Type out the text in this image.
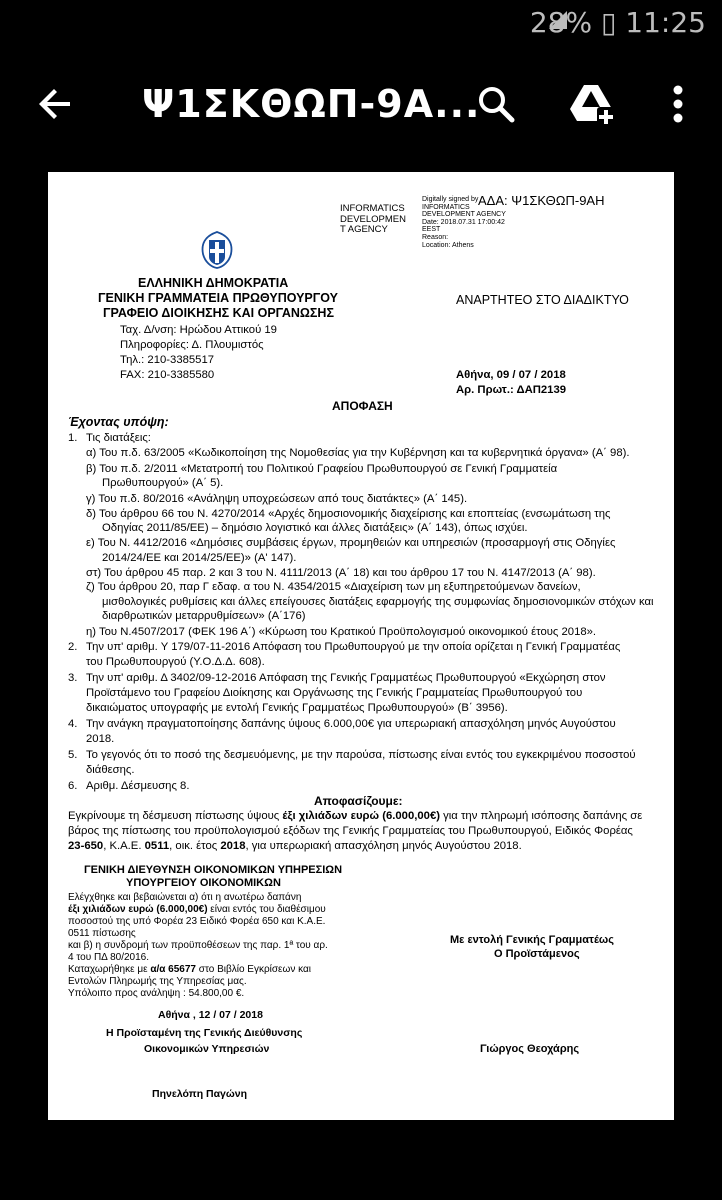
28% ▯ 11:25
Ψ1ΣΚΘΩΠ-9Α...
ΑΔΑ: Ψ1ΣΚΘΩΠ-9ΑΗ
INFORMATICS
DEVELOPMEN
T AGENCY
Digitally signed by
INFORMATICS
DEVELOPMENT AGENCY
Date: 2018.07.31 17:00:42
EEST
Reason:
Location: Athens
ΕΛΛΗΝΙΚΗ ΔΗΜΟΚΡΑΤΙΑ
ΓΕΝΙΚΗ ΓΡΑΜΜΑΤΕΙΑ ΠΡΩΘΥΠΟΥΡΓΟΥ
ΓΡΑΦΕΙΟ ΔΙΟΙΚΗΣΗΣ ΚΑΙ ΟΡΓΑΝΩΣΗΣ
ΑΝΑΡΤΗΤΕΟ ΣΤΟ ΔΙΑΔΙΚΤΥΟ
Ταχ. Δ/νση: Ηρώδου Αττικού 19
Πληροφορίες: Δ. Πλουμιστός
Τηλ.: 210-3385517
FAX: 210-3385580	Αθήνα, 09 / 07 / 2018
Αρ. Πρωτ.: ΔΑΠ2139
ΑΠΟΦΑΣΗ
Έχοντας υπόψη:
1. Τις διατάξεις:
α) Του π.δ. 63/2005 «Κωδικοποίηση της Νομοθεσίας για την Κυβέρνηση και τα κυβερνητικά όργανα» (Α΄ 98).
β) Του π.δ. 2/2011 «Μετατροπή του Πολιτικού Γραφείου Πρωθυπουργού σε Γενική Γραμματεία
Πρωθυπουργού» (Α΄ 5).
γ) Του π.δ. 80/2016 «Ανάληψη υποχρεώσεων από τους διατάκτες» (Α΄ 145).
δ) Του άρθρου 66 του Ν. 4270/2014 «Αρχές δημοσιονομικής διαχείρισης και εποπτείας (ενσωμάτωση της
Οδηγίας 2011/85/ΕΕ) – δημόσιο λογιστικό και άλλες διατάξεις» (Α΄ 143), όπως ισχύει.
ε) Του Ν. 4412/2016 «Δημόσιες συμβάσεις έργων, προμηθειών και υπηρεσιών (προσαρμογή στις Οδηγίες
2014/24/ΕΕ και 2014/25/ΕΕ)» (Α' 147).
στ) Του άρθρου 45 παρ. 2 και 3 του Ν. 4111/2013 (Α΄ 18) και του άρθρου 17 του Ν. 4147/2013 (Α΄ 98).
ζ) Του άρθρου 20, παρ Γ εδαφ. α του Ν. 4354/2015 «Διαχείριση των μη εξυπηρετούμενων δανείων,
μισθολογικές ρυθμίσεις και άλλες επείγουσες διατάξεις εφαρμογής της συμφωνίας δημοσιονομικών στόχων και
διαρθρωτικών μεταρρυθμίσεων» (Α΄176)
η) Του Ν.4507/2017 (ΦΕΚ 196 Α΄) «Κύρωση του Κρατικού Προϋπολογισμού οικονομικού έτους 2018».
2. Την υπ' αριθμ. Υ 179/07-11-2016 Απόφαση του Πρωθυπουργού με την οποία ορίζεται η Γενική Γραμματέας
του Πρωθυπουργού (Υ.Ο.Δ.Δ. 608).
3. Την υπ' αριθμ. Δ 3402/09-12-2016 Απόφαση της Γενικής Γραμματέως Πρωθυπουργού «Εκχώρηση στον
Προϊστάμενο του Γραφείου Διοίκησης και Οργάνωσης της Γενικής Γραμματείας Πρωθυπουργού του
δικαιώματος υπογραφής με εντολή Γενικής Γραμματέως Πρωθυπουργού» (Β΄ 3956).
4. Την ανάγκη πραγματοποίησης δαπάνης ύψους 6.000,00€ για υπερωριακή απασχόληση μηνός Αυγούστου
2018.
5. Το γεγονός ότι το ποσό της δεσμευόμενης, με την παρούσα, πίστωσης είναι εντός του εγκεκριμένου ποσοστού
διάθεσης.
6. Αριθμ. Δέσμευσης 8.
Αποφασίζουμε:
Εγκρίνουμε τη δέσμευση πίστωσης ύψους έξι χιλιάδων ευρώ (6.000,00€) για την πληρωμή ισόποσης δαπάνης σε
βάρος της πίστωσης του προϋπολογισμού εξόδων της Γενικής Γραμματείας του Πρωθυπουργού, Ειδικός Φορέας
23-650, Κ.Α.Ε. 0511, οικ. έτος 2018, για υπερωριακή απασχόληση μηνός Αυγούστου 2018.
ΓΕΝΙΚΗ ΔΙΕΥΘΥΝΣΗ ΟΙΚΟΝΟΜΙΚΩΝ ΥΠΗΡΕΣΙΩΝ
ΥΠΟΥΡΓΕΙΟΥ ΟΙΚΟΝΟΜΙΚΩΝ
Ελέγχθηκε και βεβαιώνεται α) ότι η ανωτέρω δαπάνη
έξι χιλιάδων ευρώ (6.000,00€) είναι εντός του διαθέσιμου
ποσοστού της υπό Φορέα 23 Ειδικό Φορέα 650 και Κ.Α.Ε.
0511 πίστωσης
και β) η συνδρομή των προϋποθέσεων της παρ. 1ª του αρ.
4 του ΠΔ 80/2016.
Καταχωρήθηκε με α/α 65677 στο Βιβλίο Εγκρίσεων και
Εντολών Πληρωμής της Υπηρεσίας μας.
Υπόλοιπο προς ανάληψη : 54.800,00 €.
Αθήνα , 12 / 07 / 2018
Η Προϊσταμένη της Γενικής Διεύθυνσης
Οικονομικών Υπηρεσιών
Πηνελόπη Παγώνη
Με εντολή Γενικής Γραμματέως
Ο Προϊστάμενος
Γιώργος Θεοχάρης
